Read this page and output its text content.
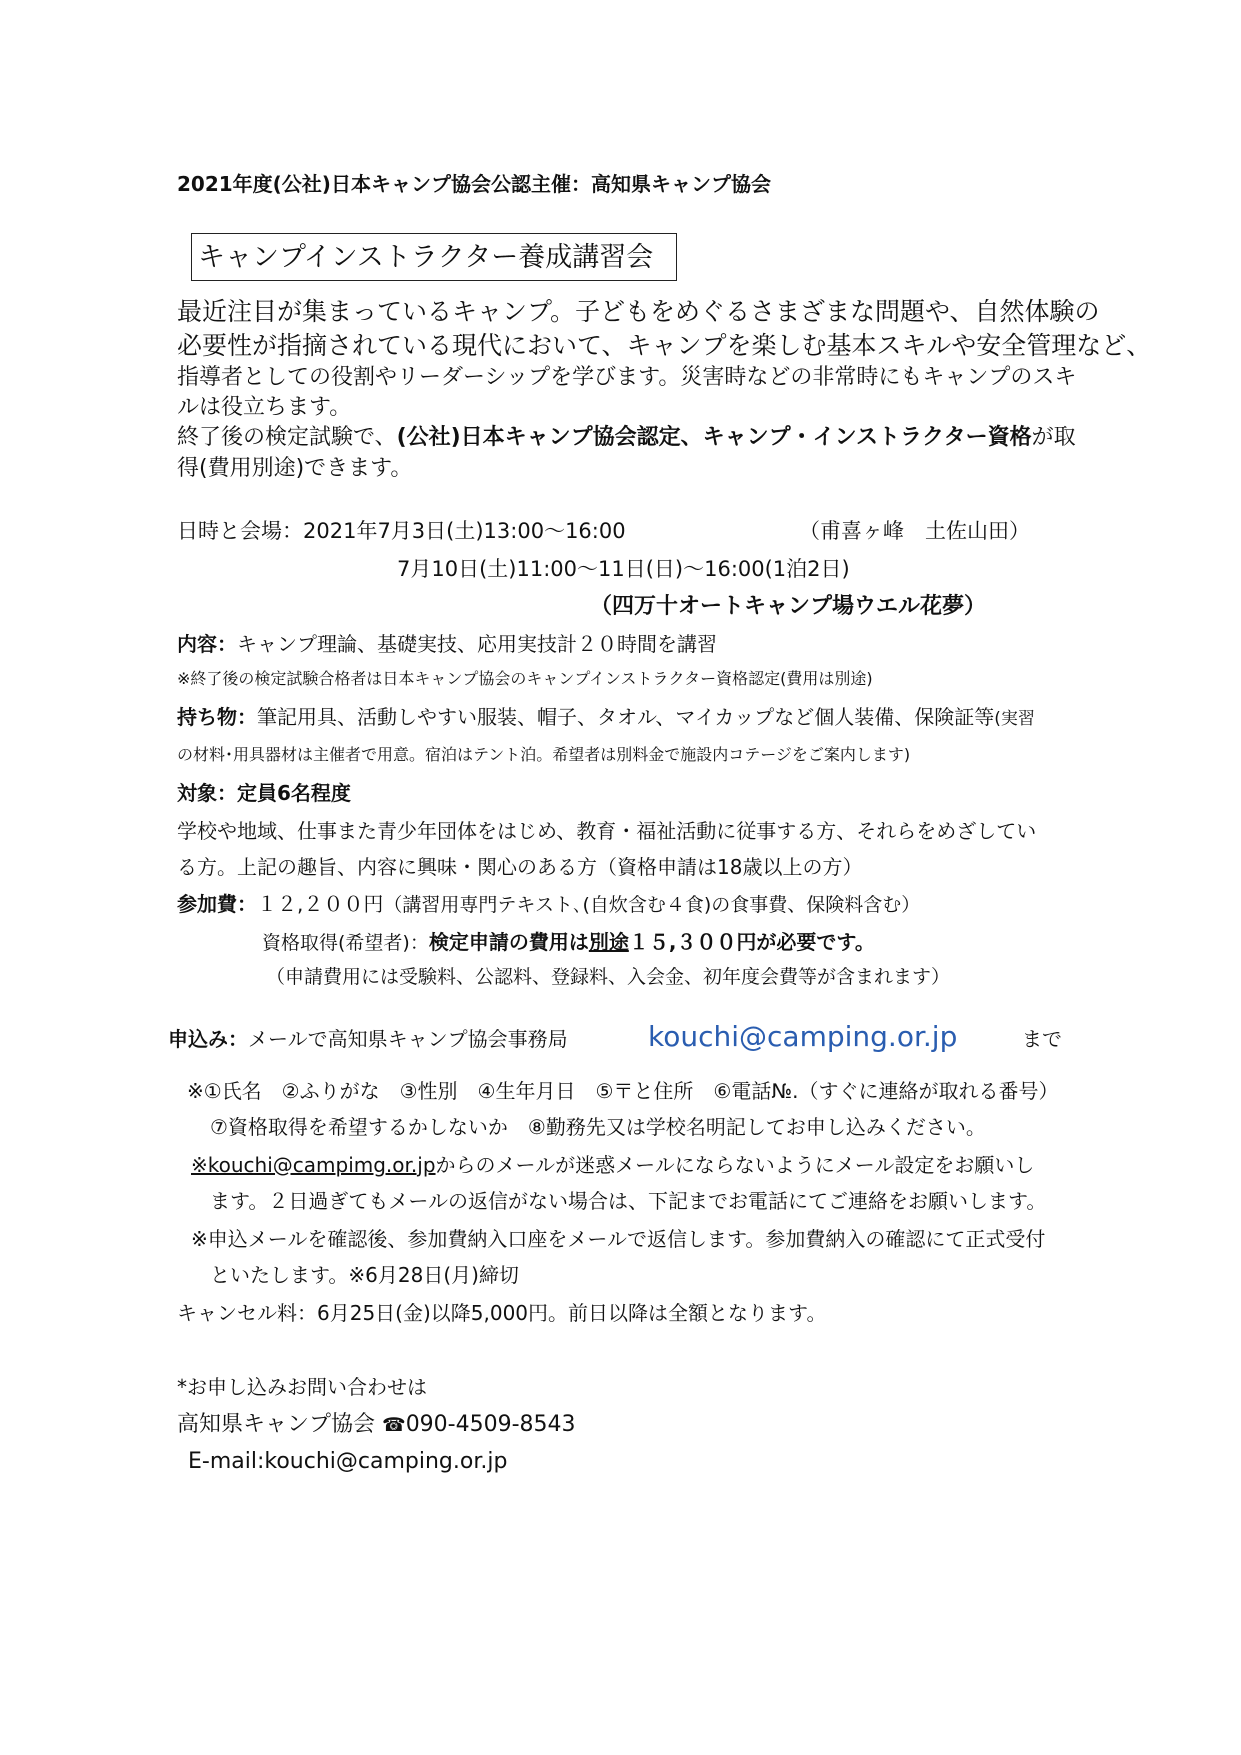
2021年度(公社)日本キャンプ協会公認主催：高知県キャンプ協会
キャンプインストラクター養成講習会
最近注目が集まっているキャンプ。子どもをめぐるさまざまな問題や、自然体験の
必要性が指摘されている現代において、キャンプを楽しむ基本スキルや安全管理など、
指導者としての役割やリーダーシップを学びます。災害時などの非常時にもキャンプのスキ
ルは役立ちます。
終了後の検定試験で、(公社)日本キャンプ協会認定、キャンプ・インストラクター資格が取
得(費用別途)できます。
日時と会場：2021年7月3日(土)13:00〜16:00	（甫喜ヶ峰　土佐山田）
7月10日(土)11:00〜11日(日)〜16:00(1泊2日)
（四万十オートキャンプ場ウエル花夢）
内容：キャンプ理論、基礎実技、応用実技計２０時間を講習
※終了後の検定試験合格者は日本キャンプ協会のキャンプインストラクター資格認定(費用は別途)
持ち物：筆記用具、活動しやすい服装、帽子、タオル、マイカップなど個人装備、保険証等(実習
の材料･用具器材は主催者で用意。宿泊はテント泊。希望者は別料金で施設内コテージをご案内します)
対象：定員6名程度
学校や地域、仕事また青少年団体をはじめ、教育・福祉活動に従事する方、それらをめざしてい
る方。上記の趣旨、内容に興味・関心のある方（資格申請は18歳以上の方）
参加費：１２,２００円（講習用専門テキスト､(自炊含む４食)の食事費、保険料含む）
資格取得(希望者)：検定申請の費用は別途１５,３００円が必要です。
（申請費用には受験料、公認料、登録料、入会金、初年度会費等が含まれます）
申込み：メールで高知県キャンプ協会事務局	kouchi@camping.or.jp	まで
※①氏名　②ふりがな　③性別　④生年月日　⑤〒と住所　⑥電話№.（すぐに連絡が取れる番号）
⑦資格取得を希望するかしないか　⑧勤務先又は学校名明記してお申し込みください。
※kouchi@campimg.or.jpからのメールが迷惑メールにならないようにメール設定をお願いし
ます。２日過ぎてもメールの返信がない場合は、下記までお電話にてご連絡をお願いします。
※申込メールを確認後、参加費納入口座をメールで返信します。参加費納入の確認にて正式受付
といたします。※6月28日(月)締切
キャンセル料：6月25日(金)以降5,000円。前日以降は全額となります。
*お申し込みお問い合わせは
高知県キャンプ協会 ☎090-4509-8543
E-mail:kouchi@camping.or.jp
